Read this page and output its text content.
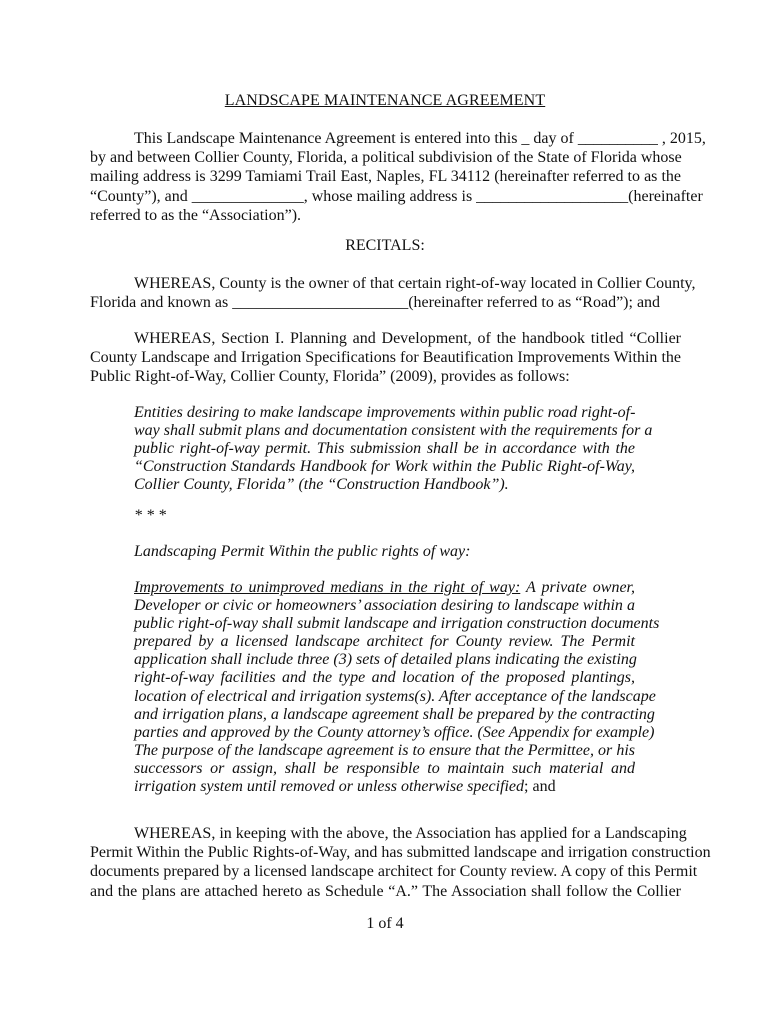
LANDSCAPE MAINTENANCE AGREEMENT

This Landscape Maintenance Agreement is entered into this _ day of __________ , 2015,
by and between Collier County, Florida, a political subdivision of the State of Florida whose
mailing address is 3299 Tamiami Trail East, Naples, FL 34112 (hereinafter referred to as the
“County”), and ______________, whose mailing address is ___________________(hereinafter
referred to as the “Association”).

RECITALS:

WHEREAS, County is the owner of that certain right-of-way located in Collier County,
Florida and known as ______________________(hereinafter referred to as “Road”); and
WHEREAS, Section I. Planning and Development, of the handbook titled “Collier
County Landscape and Irrigation Specifications for Beautification Improvements Within the
Public Right-of-Way, Collier County, Florida” (2009), provides as follows:
Entities desiring to make landscape improvements within public road right-of-
way shall submit plans and documentation consistent with the requirements for a
public right-of-way permit. This submission shall be in accordance with the
“Construction Standards Handbook for Work within the Public Right-of-Way,
Collier County, Florida” (the “Construction Handbook”).
* * *
Landscaping Permit Within the public rights of way:
Improvements to unimproved medians in the right of way: A private owner,
Developer or civic or homeowners’ association desiring to landscape within a
public right-of-way shall submit landscape and irrigation construction documents
prepared by a licensed landscape architect for County review. The Permit
application shall include three (3) sets of detailed plans indicating the existing
right-of-way facilities and the type and location of the proposed plantings,
location of electrical and irrigation systems(s). After acceptance of the landscape
and irrigation plans, a landscape agreement shall be prepared by the contracting
parties and approved by the County attorney’s office. (See Appendix for example)
The purpose of the landscape agreement is to ensure that the Permittee, or his
successors or assign, shall be responsible to maintain such material and
irrigation system until removed or unless otherwise specified; and
WHEREAS, in keeping with the above, the Association has applied for a Landscaping
Permit Within the Public Rights-of-Way, and has submitted landscape and irrigation construction
documents prepared by a licensed landscape architect for County review. A copy of this Permit
and the plans are attached hereto as Schedule “A.” The Association shall follow the Collier
1 of 4
